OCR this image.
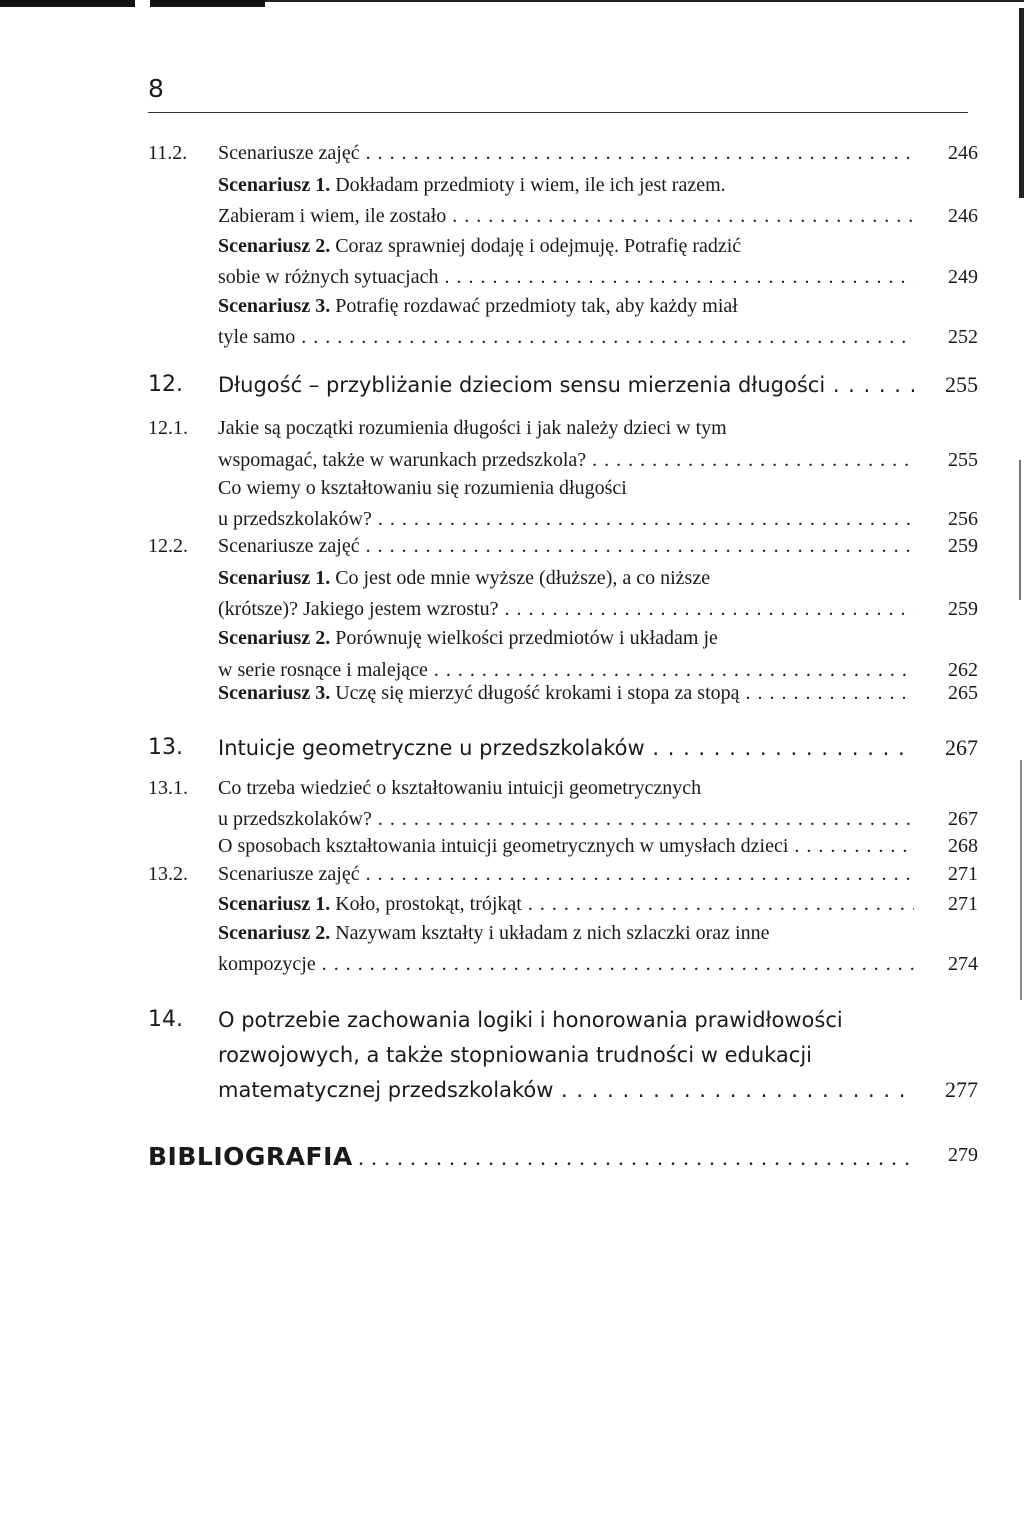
8
11.2. Scenariusze zajęć . . .	246
Scenariusz 1. Dokładam przedmioty i wiem, ile ich jest razem.
Zabieram i wiem, ile zostało . . .	246
Scenariusz 2. Coraz sprawniej dodaję i odejmuję. Potrafię radzić
sobie w różnych sytuacjach . . .	249
Scenariusz 3. Potrafię rozdawać przedmioty tak, aby każdy miał
tyle samo . . .	252
12. Długość – przybliżanie dzieciom sensu mierzenia długości . . .	255
12.1. Jakie są początki rozumienia długości i jak należy dzieci w tym
wspomagać, także w warunkach przedszkola? . . .	255
Co wiemy o kształtowaniu się rozumienia długości
u przedszkolaków? . . .	256
12.2. Scenariusze zajęć . . .	259
Scenariusz 1. Co jest ode mnie wyższe (dłuższe), a co niższe
(krótsze)? Jakiego jestem wzrostu? . . .	259
Scenariusz 2. Porównuję wielkości przedmiotów i układam je
w serie rosnące i malejące . . .	262
Scenariusz 3. Uczę się mierzyć długość krokami i stopa za stopą . . .	265
13. Intuicje geometryczne u przedszkolaków . . .	267
13.1. Co trzeba wiedzieć o kształtowaniu intuicji geometrycznych
u przedszkolaków? . . .	267
O sposobach kształtowania intuicji geometrycznych w umysłach dzieci . . .	268
13.2. Scenariusze zajęć . . .	271
Scenariusz 1. Koło, prostokąt, trójkąt . . .	271
Scenariusz 2. Nazywam kształty i układam z nich szlaczki oraz inne
kompozycje . . .	274
14. O potrzebie zachowania logiki i honorowania prawidłowości
rozwojowych, a także stopniowania trudności w edukacji
matematycznej przedszkolaków . . .	277
BIBLIOGRAFIA . . .	279
